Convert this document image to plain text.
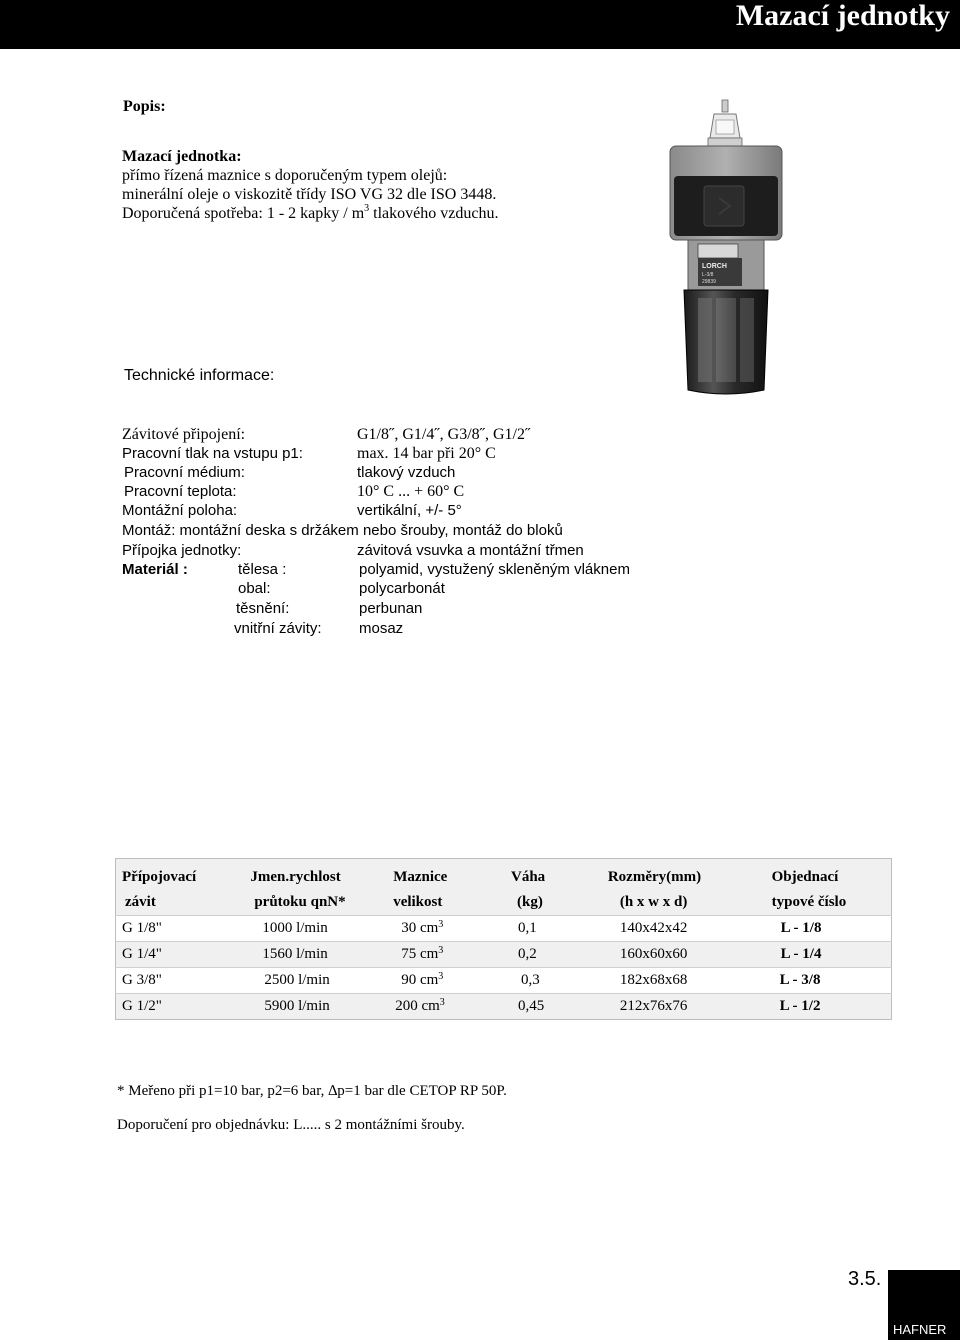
Mazací jednotky
Popis:
Mazací jednotka:
přímo řízená maznice s doporučeným typem olejů:
minerální oleje o viskozitě třídy ISO VG 32 dle ISO 3448.
Doporučená spotřeba: 1 - 2 kapky / $m^3$ tlakového vzduchu.
LORCH
L-3/8
29839
Technické informace:
Závitové připojení:	G1/8˝, G1/4˝, G3/8˝, G1/2˝
Pracovní tlak na vstupu p1:	max. 14 bar při 20° C
Pracovní médium:	tlakový vzduch
Pracovní teplota:	10° C ... + 60° C
Montážní poloha:	vertikální, +/- 5°
Montáž: montážní deska s držákem nebo šrouby, montáž do bloků
Přípojka jednotky:	závitová vsuvka a montážní třmen
Materiál :	tělesa :	polyamid, vystužený skleněným vláknem
obal:	polycarbonát
těsnění:	perbunan
vnitřní závity: mosaz
Přípojovací	Jmen.rychlost	Maznice	Váha	Rozměry(mm)	Objednací
závit	průtoku qnN*	velikost	(kg)	(h x w x d)	typové číslo
G 1/8"	1000 l/min	30 $cm^3$	0,1	140x42x42	L - 1/8
G 1/4"	1560 l/min	75 $cm^3$	0,2	160x60x60	L - 1/4
G 3/8"	2500 l/min	90 $cm^3$	0,3	182x68x68	L - 3/8
G 1/2"	5900 l/min	200 $cm^3$	0,45	212x76x76	L - 1/2
* Meřeno při p1=10 bar, p2=6 bar, ∆p=1 bar dle CETOP RP 50P.
Doporučení pro objednávku: L..... s 2 montážními šrouby.
3.5.
HAFNER
